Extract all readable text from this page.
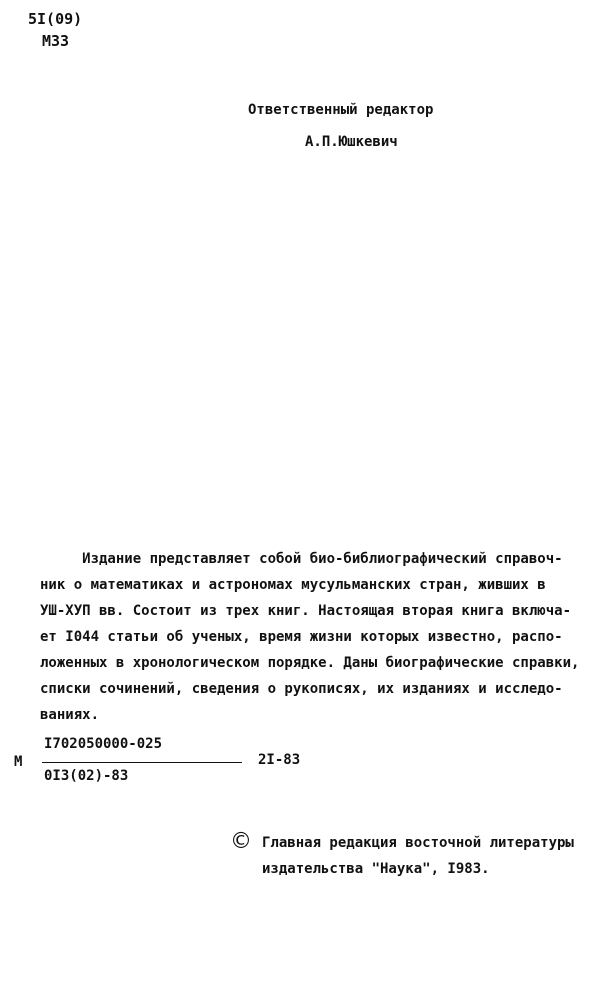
5I(09)
М33
Ответственный редактор
А.П.Юшкевич
Издание представляет собой био-библиографический справоч-
ник о математиках и астрономах мусульманских стран, живших в
УШ-ХУП вв. Состоит из трех книг. Настоящая вторая книга включа-
ет I044 статьи об ученых, время жизни которых известно, распо-
ложенных в хронологическом порядке. Даны биографические справки,
списки сочинений, сведения о рукописях, их изданиях и исследо-
ваниях.
М
I702050000-025
0I3(02)-83
2I-83
© Главная редакция восточной литературы
издательства "Наука", I983.
